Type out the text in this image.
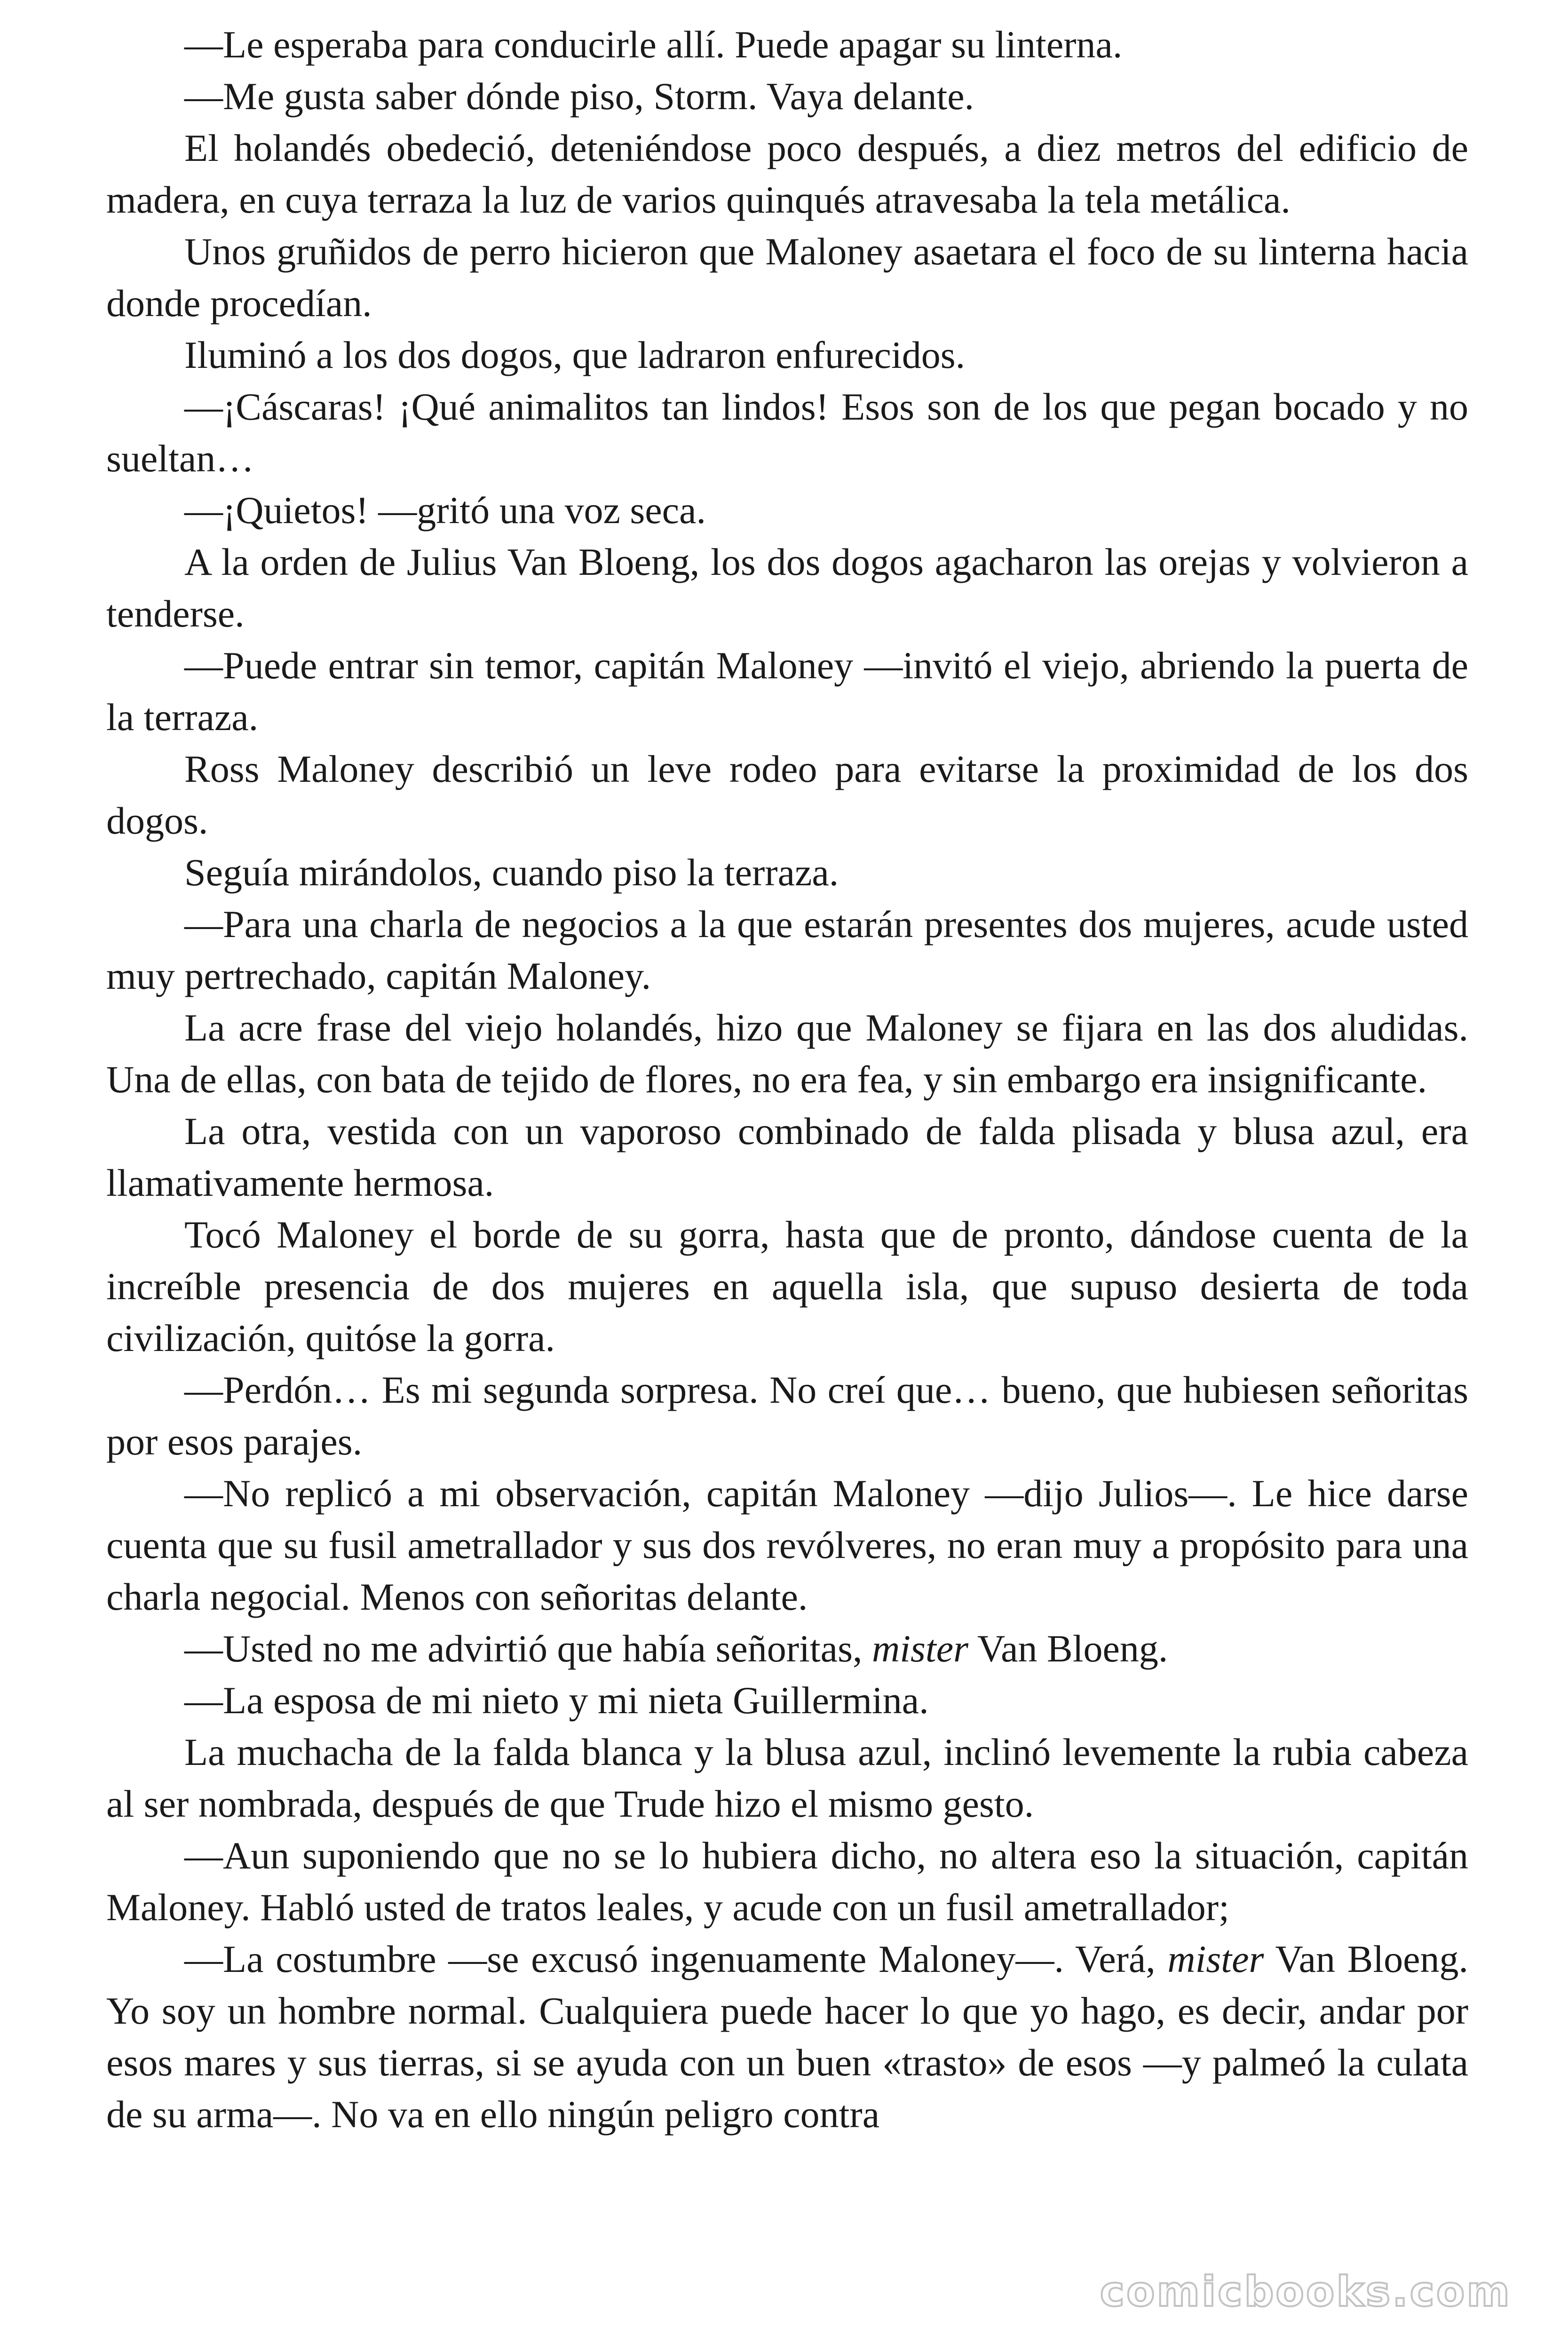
—Le esperaba para conducirle allí. Puede apagar su linterna.

—Me gusta saber dónde piso, Storm. Vaya delante.

El holandés obedeció, deteniéndose poco después, a diez metros del edificio de madera, en cuya terraza la luz de varios quinqués atravesaba la tela metálica.

Unos gruñidos de perro hicieron que Maloney asaetara el foco de su linterna hacia donde procedían.

Iluminó a los dos dogos, que ladraron enfurecidos.

—¡Cáscaras! ¡Qué animalitos tan lindos! Esos son de los que pegan bocado y no sueltan…

—¡Quietos! —gritó una voz seca.

A la orden de Julius Van Bloeng, los dos dogos agacharon las orejas y volvieron a tenderse.

—Puede entrar sin temor, capitán Maloney —invitó el viejo, abriendo la puerta de la terraza.

Ross Maloney describió un leve rodeo para evitarse la proximidad de los dos dogos.

Seguía mirándolos, cuando piso la terraza.

—Para una charla de negocios a la que estarán presentes dos mujeres, acude usted muy pertrechado, capitán Maloney.

La acre frase del viejo holandés, hizo que Maloney se fijara en las dos aludidas. Una de ellas, con bata de tejido de flores, no era fea, y sin embargo era insignificante.

La otra, vestida con un vaporoso combinado de falda plisada y blusa azul, era llamativamente hermosa.

Tocó Maloney el borde de su gorra, hasta que de pronto, dándose cuenta de la increíble presencia de dos mujeres en aquella isla, que supuso desierta de toda civilización, quitóse la gorra.

—Perdón… Es mi segunda sorpresa. No creí que… bueno, que hubiesen señoritas por esos parajes.

—No replicó a mi observación, capitán Maloney —dijo Julios—. Le hice darse cuenta que su fusil ametrallador y sus dos revólveres, no eran muy a propósito para una charla negocial. Menos con señoritas delante.

—Usted no me advirtió que había señoritas, mister Van Bloeng.

—La esposa de mi nieto y mi nieta Guillermina.

La muchacha de la falda blanca y la blusa azul, inclinó levemente la rubia cabeza al ser nombrada, después de que Trude hizo el mismo gesto.

—Aun suponiendo que no se lo hubiera dicho, no altera eso la situación, capitán Maloney. Habló usted de tratos leales, y acude con un fusil ametrallador;

—La costumbre —se excusó ingenuamente Maloney—. Verá, mister Van Bloeng. Yo soy un hombre normal. Cualquiera puede hacer lo que yo hago, es decir, andar por esos mares y sus tierras, si se ayuda con un buen «trasto» de esos —y palmeó la culata de su arma—. No va en ello ningún peligro contra

comicbooks.com
